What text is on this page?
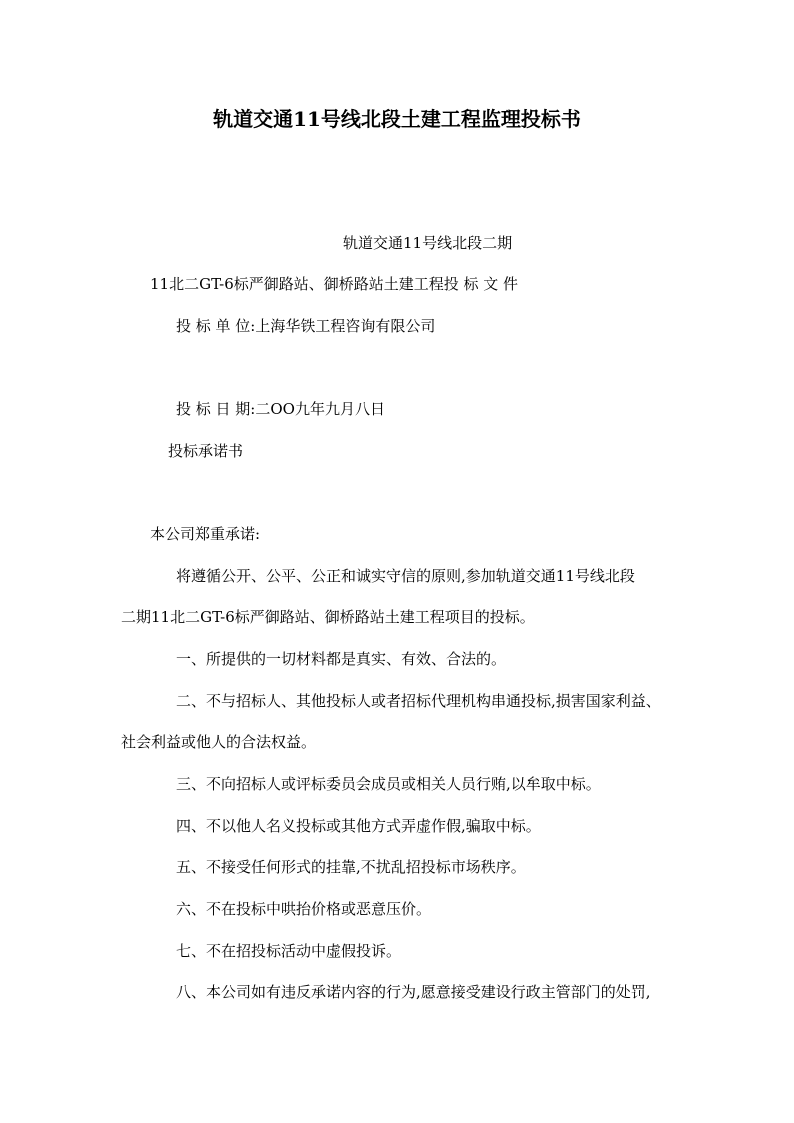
轨道交通11号线北段土建工程监理投标书
轨道交通11号线北段二期
11北二GT-6标严御路站、御桥路站土建工程投 标 文 件
投 标 单 位:上海华铁工程咨询有限公司
投 标 日 期:二OO九年九月八日
投标承诺书
本公司郑重承诺:
将遵循公开、公平、公正和诚实守信的原则,参加轨道交通11号线北段
二期11北二GT-6标严御路站、御桥路站土建工程项目的投标。
一、所提供的一切材料都是真实、有效、合法的。
二、不与招标人、其他投标人或者招标代理机构串通投标,损害国家利益、
社会利益或他人的合法权益。
三、不向招标人或评标委员会成员或相关人员行贿,以牟取中标。
四、不以他人名义投标或其他方式弄虚作假,骗取中标。
五、不接受任何形式的挂靠,不扰乱招投标市场秩序。
六、不在投标中哄抬价格或恶意压价。
七、不在招投标活动中虚假投诉。
八、本公司如有违反承诺内容的行为,愿意接受建设行政主管部门的处罚,
